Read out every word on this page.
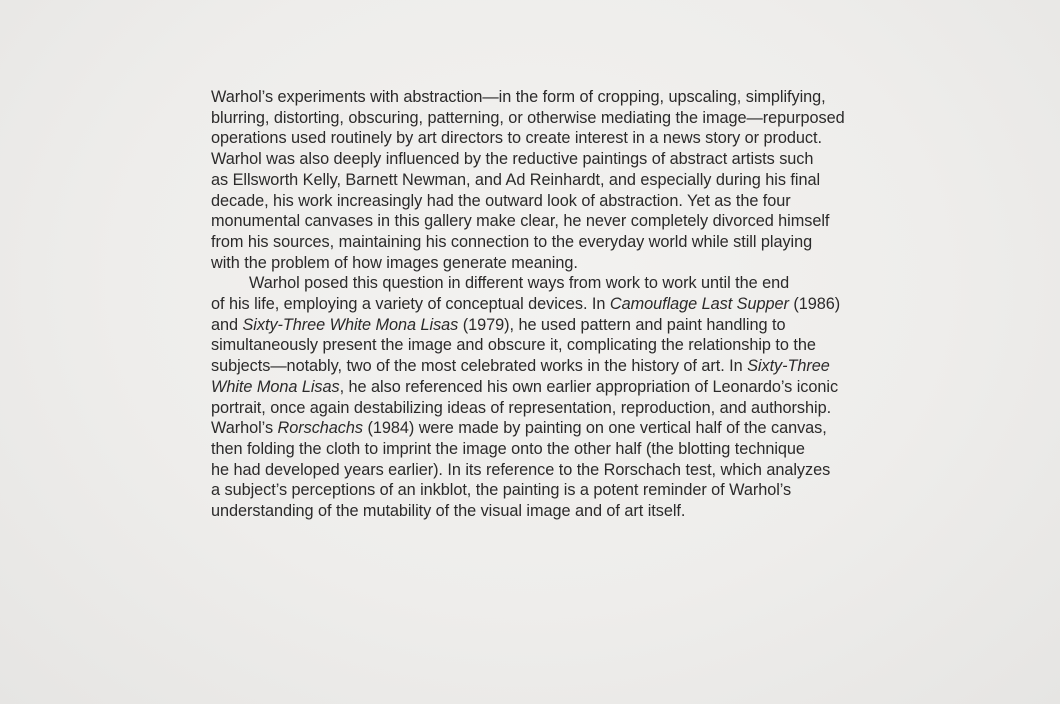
Warhol’s experiments with abstraction—in the form of cropping, upscaling, simplifying,
blurring, distorting, obscuring, patterning, or otherwise mediating the image—repurposed
operations used routinely by art directors to create interest in a news story or product.
Warhol was also deeply influenced by the reductive paintings of abstract artists such
as Ellsworth Kelly, Barnett Newman, and Ad Reinhardt, and especially during his final
decade, his work increasingly had the outward look of abstraction. Yet as the four
monumental canvases in this gallery make clear, he never completely divorced himself
from his sources, maintaining his connection to the everyday world while still playing
with the problem of how images generate meaning.
Warhol posed this question in different ways from work to work until the end
of his life, employing a variety of conceptual devices. In Camouflage Last Supper (1986)
and Sixty-Three White Mona Lisas (1979), he used pattern and paint handling to
simultaneously present the image and obscure it, complicating the relationship to the
subjects—notably, two of the most celebrated works in the history of art. In Sixty-Three
White Mona Lisas, he also referenced his own earlier appropriation of Leonardo’s iconic
portrait, once again destabilizing ideas of representation, reproduction, and authorship.
Warhol’s Rorschachs (1984) were made by painting on one vertical half of the canvas,
then folding the cloth to imprint the image onto the other half (the blotting technique
he had developed years earlier). In its reference to the Rorschach test, which analyzes
a subject’s perceptions of an inkblot, the painting is a potent reminder of Warhol’s
understanding of the mutability of the visual image and of art itself.
